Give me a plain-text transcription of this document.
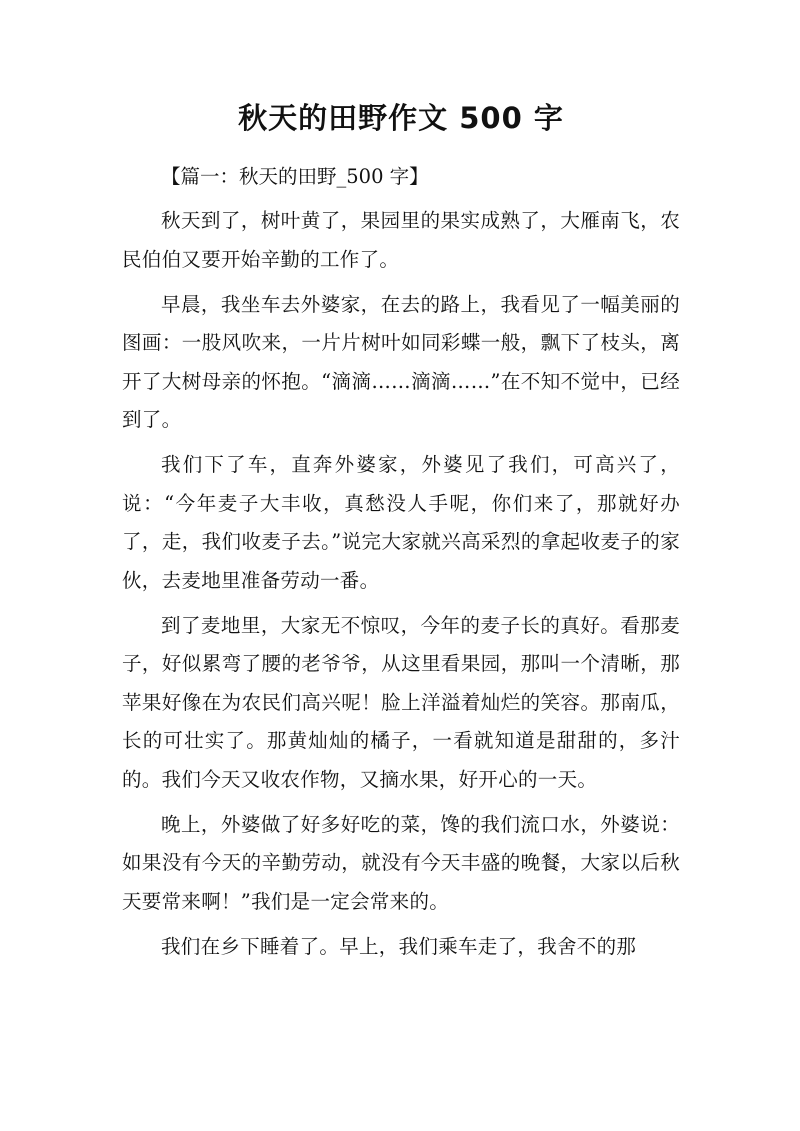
秋天的田野作文 500 字
【篇一：秋天的田野_500 字】

秋天到了，树叶黄了，果园里的果实成熟了，大雁南飞，农民伯伯又要开始辛勤的工作了。

早晨，我坐车去外婆家，在去的路上，我看见了一幅美丽的图画：一股风吹来，一片片树叶如同彩蝶一般，飘下了枝头，离开了大树母亲的怀抱。“滴滴……滴滴……”在不知不觉中，已经到了。

我们下了车，直奔外婆家，外婆见了我们，可高兴了，说：“今年麦子大丰收，真愁没人手呢，你们来了，那就好办了，走，我们收麦子去。”说完大家就兴高采烈的拿起收麦子的家伙，去麦地里准备劳动一番。

到了麦地里，大家无不惊叹，今年的麦子长的真好。看那麦子，好似累弯了腰的老爷爷，从这里看果园，那叫一个清晰，那苹果好像在为农民们高兴呢！脸上洋溢着灿烂的笑容。那南瓜，长的可壮实了。那黄灿灿的橘子，一看就知道是甜甜的，多汁的。我们今天又收农作物，又摘水果，好开心的一天。

晚上，外婆做了好多好吃的菜，馋的我们流口水，外婆说：如果没有今天的辛勤劳动，就没有今天丰盛的晚餐，大家以后秋天要常来啊！”我们是一定会常来的。

我们在乡下睡着了。早上，我们乘车走了，我舍不的那
